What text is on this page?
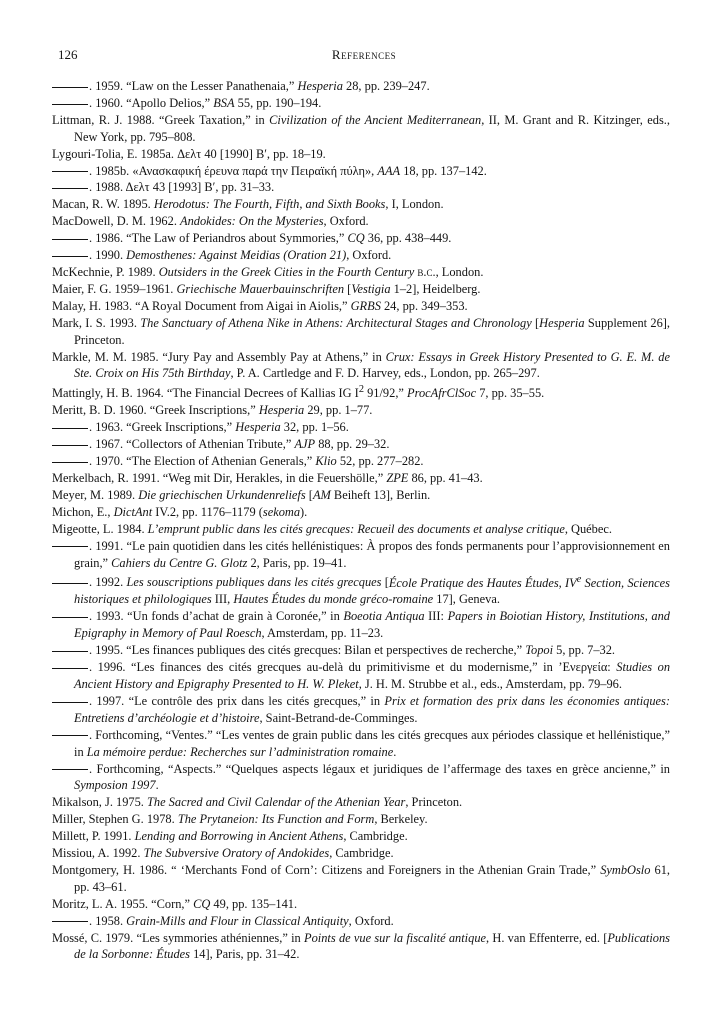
126	References
. 1959. “Law on the Lesser Panathenaia,” Hesperia 28, pp. 239–247.
. 1960. “Apollo Delios,” BSA 55, pp. 190–194.
Littman, R. J. 1988. “Greek Taxation,” in Civilization of the Ancient Mediterranean, II, M. Grant and R. Kitzinger, eds., New York, pp. 795–808.
Lygouri-Tolia, E. 1985a. Δελτ 40 [1990] Β′, pp. 18–19.
. 1985b. «Ανασκαφική έρευνα παρά την Πειραϊκή πύλη», AAA 18, pp. 137–142.
. 1988. Δελτ 43 [1993] Β′, pp. 31–33.
Macan, R. W. 1895. Herodotus: The Fourth, Fifth, and Sixth Books, I, London.
MacDowell, D. M. 1962. Andokides: On the Mysteries, Oxford.
. 1986. “The Law of Periandros about Symmories,” CQ 36, pp. 438–449.
. 1990. Demosthenes: Against Meidias (Oration 21), Oxford.
McKechnie, P. 1989. Outsiders in the Greek Cities in the Fourth Century b.c., London.
Maier, F. G. 1959–1961. Griechische Mauerbauinschriften [Vestigia 1–2], Heidelberg.
Malay, H. 1983. “A Royal Document from Aigai in Aiolis,” GRBS 24, pp. 349–353.
Mark, I. S. 1993. The Sanctuary of Athena Nike in Athens: Architectural Stages and Chronology [Hesperia Supplement 26], Princeton.
Markle, M. M. 1985. “Jury Pay and Assembly Pay at Athens,” in Crux: Essays in Greek History Presented to G. E. M. de Ste. Croix on His 75th Birthday, P. A. Cartledge and F. D. Harvey, eds., London, pp. 265–297.
Mattingly, H. B. 1964. “The Financial Decrees of Kallias IG $I^2$ 91/92,” ProcAfrClSoc 7, pp. 35–55.
Meritt, B. D. 1960. “Greek Inscriptions,” Hesperia 29, pp. 1–77.
. 1963. “Greek Inscriptions,” Hesperia 32, pp. 1–56.
. 1967. “Collectors of Athenian Tribute,” AJP 88, pp. 29–32.
. 1970. “The Election of Athenian Generals,” Klio 52, pp. 277–282.
Merkelbach, R. 1991. “Weg mit Dir, Herakles, in die Feuershölle,” ZPE 86, pp. 41–43.
Meyer, M. 1989. Die griechischen Urkundenreliefs [AM Beiheft 13], Berlin.
Michon, E., DictAnt IV.2, pp. 1176–1179 (sekoma).
Migeotte, L. 1984. L’emprunt public dans les cités grecques: Recueil des documents et analyse critique, Québec.
. 1991. “Le pain quotidien dans les cités hellénistiques: À propos des fonds permanents pour l’approvisionnement en grain,” Cahiers du Centre G. Glotz 2, Paris, pp. 19–41.
. 1992. Les souscriptions publiques dans les cités grecques [École Pratique des Hautes Études, IVe Section, Sciences historiques et philologiques III, Hautes Études du monde gréco-romaine 17], Geneva.
. 1993. “Un fonds d’achat de grain à Coronée,” in Boeotia Antiqua III: Papers in Boiotian History, Institutions, and Epigraphy in Memory of Paul Roesch, Amsterdam, pp. 11–23.
. 1995. “Les finances publiques des cités grecques: Bilan et perspectives de recherche,” Topoi 5, pp. 7–32.
. 1996. “Les finances des cités grecques au-delà du primitivisme et du modernisme,” in ’Ενεργεία: Studies on Ancient History and Epigraphy Presented to H. W. Pleket, J. H. M. Strubbe et al., eds., Amsterdam, pp. 79–96.
. 1997. “Le contrôle des prix dans les cités grecques,” in Prix et formation des prix dans les économies antiques: Entretiens d’archéologie et d’histoire, Saint-Betrand-de-Comminges.
. Forthcoming, “Ventes.” “Les ventes de grain public dans les cités grecques aux périodes classique et hellénistique,” in La mémoire perdue: Recherches sur l’administration romaine.
. Forthcoming, “Aspects.” “Quelques aspects légaux et juridiques de l’affermage des taxes en grèce ancienne,” in Symposion 1997.
Mikalson, J. 1975. The Sacred and Civil Calendar of the Athenian Year, Princeton.
Miller, Stephen G. 1978. The Prytaneion: Its Function and Form, Berkeley.
Millett, P. 1991. Lending and Borrowing in Ancient Athens, Cambridge.
Missiou, A. 1992. The Subversive Oratory of Andokides, Cambridge.
Montgomery, H. 1986. “ ‘Merchants Fond of Corn’: Citizens and Foreigners in the Athenian Grain Trade,” SymbOslo 61, pp. 43–61.
Moritz, L. A. 1955. “Corn,” CQ 49, pp. 135–141.
. 1958. Grain-Mills and Flour in Classical Antiquity, Oxford.
Mossé, C. 1979. “Les symmories athéniennes,” in Points de vue sur la fiscalité antique, H. van Effenterre, ed. [Publications de la Sorbonne: Études 14], Paris, pp. 31–42.
